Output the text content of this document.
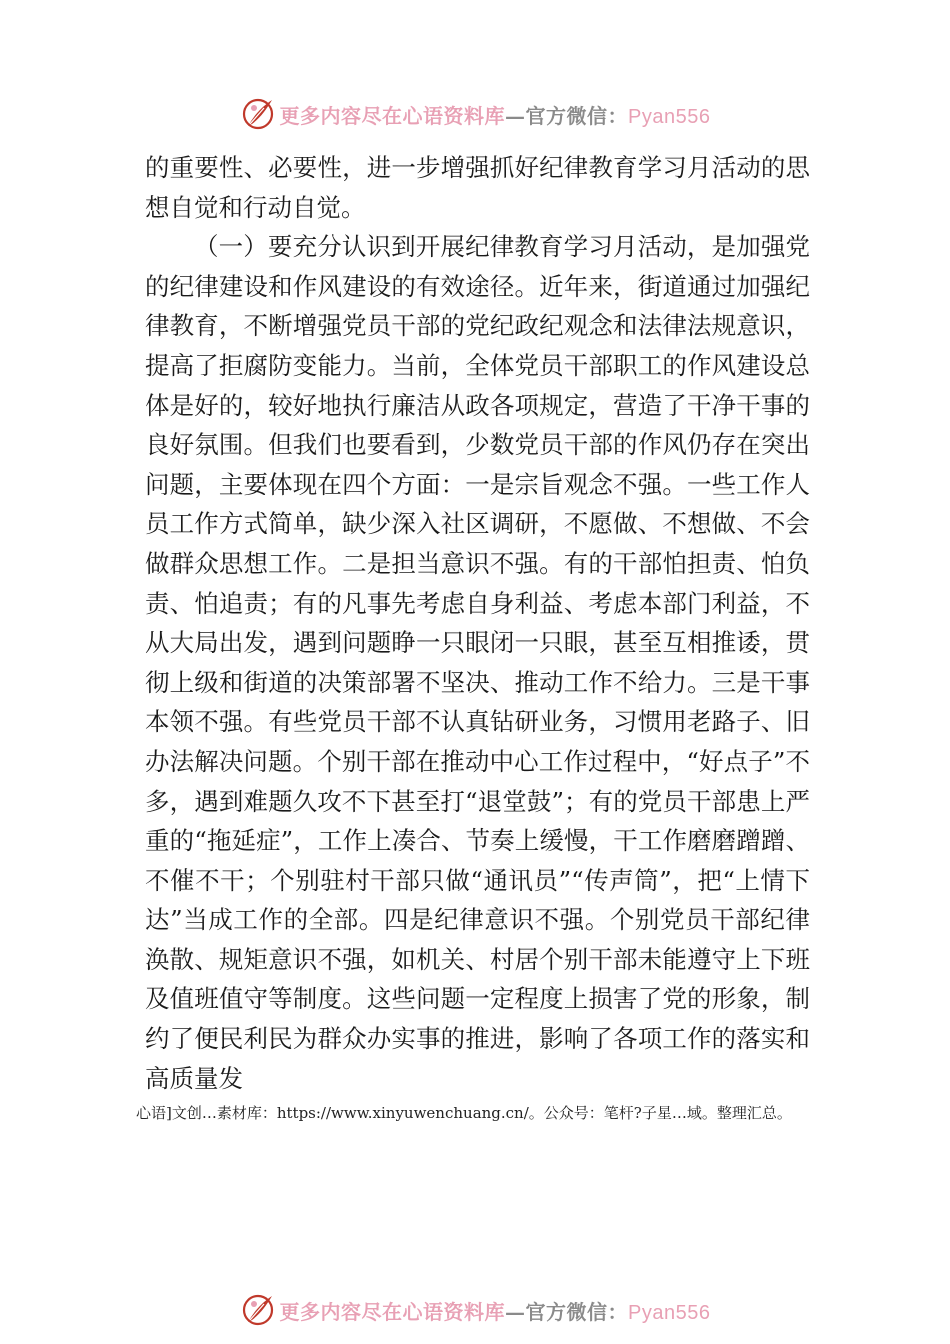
更多内容尽在心语资料库—官方微信：Pyan556

的重要性、必要性，进一步增强抓好纪律教育学习月活动的思想自觉和行动自觉。

（一）要充分认识到开展纪律教育学习月活动，是加强党的纪律建设和作风建设的有效途径。近年来，街道通过加强纪律教育，不断增强党员干部的党纪政纪观念和法律法规意识，提高了拒腐防变能力。当前，全体党员干部职工的作风建设总体是好的，较好地执行廉洁从政各项规定，营造了干净干事的良好氛围。但我们也要看到，少数党员干部的作风仍存在突出问题，主要体现在四个方面：一是宗旨观念不强。一些工作人员工作方式简单，缺少深入社区调研，不愿做、不想做、不会做群众思想工作。二是担当意识不强。有的干部怕担责、怕负责、怕追责；有的凡事先考虑自身利益、考虑本部门利益，不从大局出发，遇到问题睁一只眼闭一只眼，甚至互相推诿，贯彻上级和街道的决策部署不坚决、推动工作不给力。三是干事本领不强。有些党员干部不认真钻研业务，习惯用老路子、旧办法解决问题。个别干部在推动中心工作过程中，“好点子”不多，遇到难题久攻不下甚至打“退堂鼓”；有的党员干部患上严重的“拖延症”，工作上凑合、节奏上缓慢，干工作磨磨蹭蹭、不催不干；个别驻村干部只做“通讯员”“传声筒”，把“上情下达”当成工作的全部。四是纪律意识不强。个别党员干部纪律涣散、规矩意识不强，如机关、村居个别干部未能遵守上下班及值班值守等制度。这些问题一定程度上损害了党的形象，制约了便民利民为群众办实事的推进，影响了各项工作的落实和高质量发

心语]文创…素材库：https://www.xinyuwenchuang.cn/。公众号：笔杆?子星…域。整理汇总。
更多内容尽在心语资料库—官方微信：Pyan556
